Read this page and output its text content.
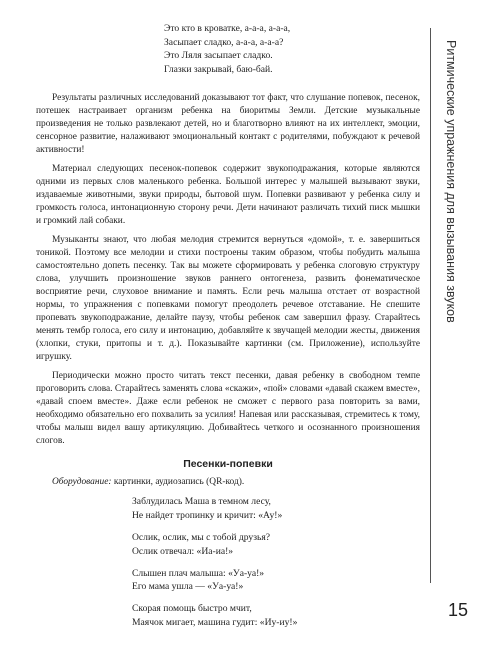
Это кто в кроватке, а-а-а, а-а-а,
Засыпает сладко, а-а-а, а-а-а?
Это Ляля засыпает сладко.
Глазки закрывай, баю-бай.

Результаты различных исследований доказывают тот факт, что слушание попевок, песенок, потешек настраивает организм ребенка на биоритмы Земли. Детские музыкальные произведения не только развлекают детей, но и благотворно влияют на их интеллект, эмоции, сенсорное развитие, налаживают эмоциональный контакт с родителями, побуждают к речевой активности!

Материал следующих песенок-попевок содержит звукоподражания, которые являются одними из первых слов маленького ребенка. Большой интерес у малышей вызывают звуки, издаваемые животными, звуки природы, бытовой шум. Попевки развивают у ребенка силу и громкость голоса, интонационную сторону речи. Дети начинают различать тихий писк мышки и громкий лай собаки.

Музыканты знают, что любая мелодия стремится вернуться «домой», т. е. завершиться тоникой. Поэтому все мелодии и стихи построены таким образом, чтобы побудить малыша самостоятельно допеть песенку. Так вы можете сформировать у ребенка слоговую структуру слова, улучшить произношение звуков раннего онтогенеза, развить фонематическое восприятие речи, слуховое внимание и память. Если речь малыша отстает от возрастной нормы, то упражнения с попевками помогут преодолеть речевое отставание. Не спешите пропевать звукоподражание, делайте паузу, чтобы ребенок сам завершил фразу. Старайтесь менять тембр голоса, его силу и интонацию, добавляйте к звучащей мелодии жесты, движения (хлопки, стуки, притопы и т. д.). Показывайте картинки (см. Приложение), используйте игрушку.

Периодически можно просто читать текст песенки, давая ребенку в свободном темпе проговорить слова. Старайтесь заменять слова «скажи», «пой» словами «давай скажем вместе», «давай споем вместе». Даже если ребенок не сможет с первого раза повторить за вами, необходимо обязательно его похвалить за усилия! Напевая или рассказывая, стремитесь к тому, чтобы малыш видел вашу артикуляцию. Добивайтесь четкого и осознанного произношения слогов.

Песенки-попевки
Оборудование: картинки, аудиозапись (QR-код).
Заблудилась Маша в темном лесу,
Не найдет тропинку и кричит: «Ау!»
Ослик, ослик, мы с тобой друзья?
Ослик отвечал: «Иа-иа!»
Слышен плач малыша: «Уа-уа!»
Его мама ушла — «Уа-уа!»
Скорая помощь быстро мчит,
Маячок мигает, машина гудит: «Иу-иу!»
Ритмические упражнения для вызывания звуков
15
